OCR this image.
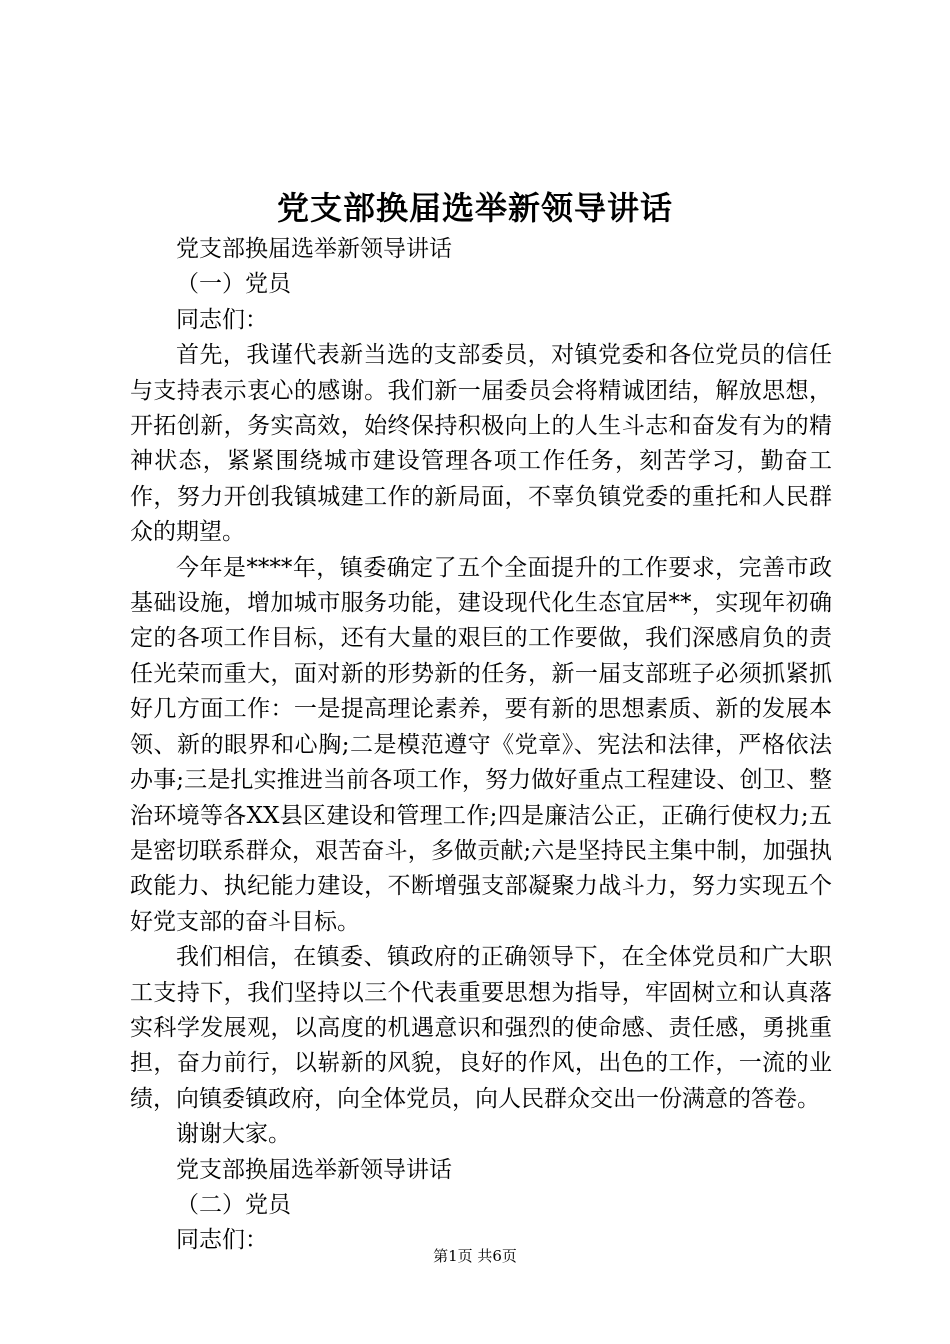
党支部换届选举新领导讲话

党支部换届选举新领导讲话

（一）党员

同志们：

首先，我谨代表新当选的支部委员，对镇党委和各位党员的信任与支持表示衷心的感谢。我们新一届委员会将精诚团结，解放思想，开拓创新，务实高效，始终保持积极向上的人生斗志和奋发有为的精神状态，紧紧围绕城市建设管理各项工作任务，刻苦学习，勤奋工作，努力开创我镇城建工作的新局面，不辜负镇党委的重托和人民群众的期望。

今年是****年，镇委确定了五个全面提升的工作要求，完善市政基础设施，增加城市服务功能，建设现代化生态宜居**，实现年初确定的各项工作目标，还有大量的艰巨的工作要做，我们深感肩负的责任光荣而重大，面对新的形势新的任务，新一届支部班子必须抓紧抓好几方面工作：一是提高理论素养，要有新的思想素质、新的发展本领、新的眼界和心胸;二是模范遵守《党章》、宪法和法律，严格依法办事;三是扎实推进当前各项工作，努力做好重点工程建设、创卫、整治环境等各XX县区建设和管理工作;四是廉洁公正，正确行使权力;五是密切联系群众，艰苦奋斗，多做贡献;六是坚持民主集中制，加强执政能力、执纪能力建设，不断增强支部凝聚力战斗力，努力实现五个好党支部的奋斗目标。

我们相信，在镇委、镇政府的正确领导下，在全体党员和广大职工支持下，我们坚持以三个代表重要思想为指导，牢固树立和认真落实科学发展观，以高度的机遇意识和强烈的使命感、责任感，勇挑重担，奋力前行，以崭新的风貌，良好的作风，出色的工作，一流的业绩，向镇委镇政府，向全体党员，向人民群众交出一份满意的答卷。

谢谢大家。

党支部换届选举新领导讲话

（二）党员

同志们：

第1页 共6页
